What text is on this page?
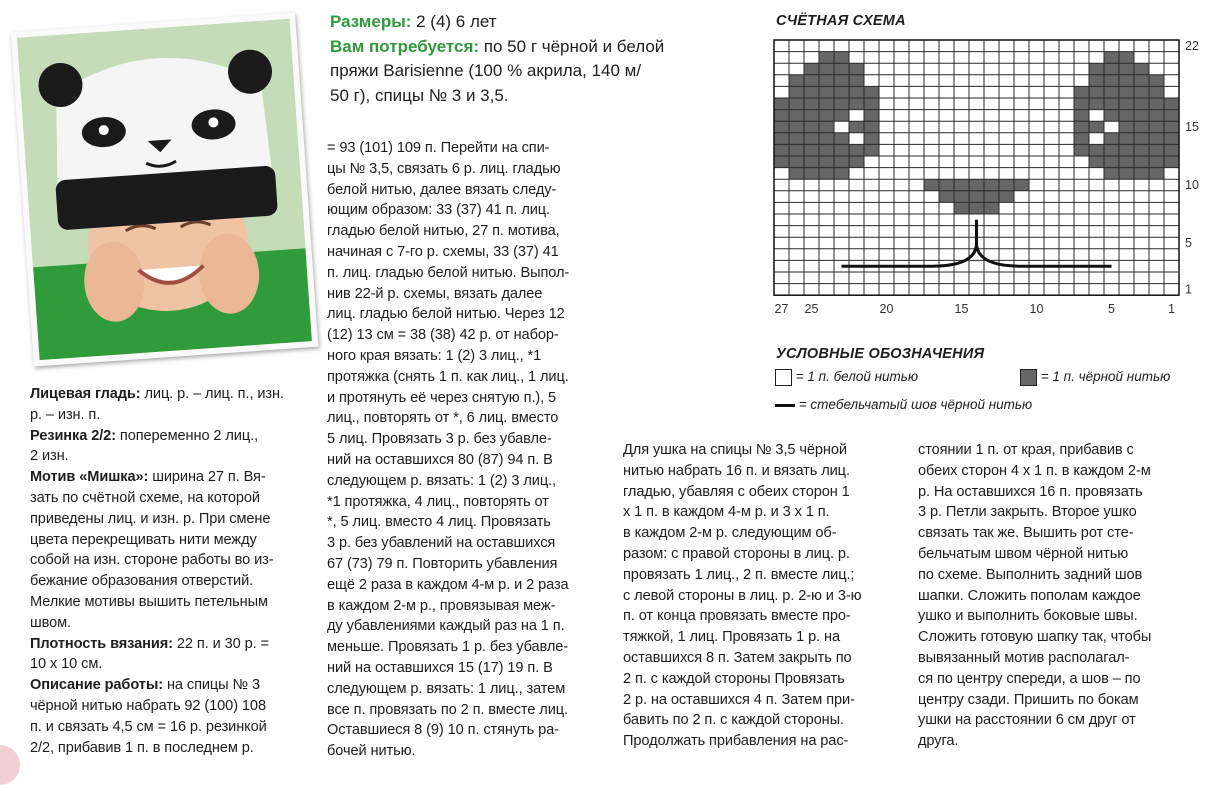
Размеры: 2 (4) 6 лет
Вам потребуется: по 50 г чёрной и белой
пряжи Barisienne (100 % акрила, 140 м/
50 г), спицы № 3 и 3,5.

Лицевая гладь: лиц. р. – лиц. п., изн.

р. – изн. п.

Резинка 2/2: попеременно 2 лиц.,

2 изн.

Мотив «Мишка»: ширина 27 п. Вя-

зать по счётной схеме, на которой

приведены лиц. и изн. р. При смене

цвета перекрещивать нити между

собой на изн. стороне работы во из-

бежание образования отверстий.

Мелкие мотивы вышить петельным

швом.

Плотность вязания: 22 п. и 30 р. =

10 x 10 см.

Описание работы: на спицы № 3

чёрной нитью набрать 92 (100) 108

п. и связать 4,5 см = 16 р. резинкой

2/2, прибавив 1 п. в последнем р.

= 93 (101) 109 п. Перейти на спи-

цы № 3,5, связать 6 р. лиц. гладью

белой нитью, далее вязать следу-

ющим образом: 33 (37) 41 п. лиц.

гладью белой нитью, 27 п. мотива,

начиная с 7-го р. схемы, 33 (37) 41

п. лиц. гладью белой нитью. Выпол-

нив 22-й р. схемы, вязать далее

лиц. гладью белой нитью. Через 12

(12) 13 см = 38 (38) 42 р. от набор-

ного края вязать: 1 (2) 3 лиц., *1

протяжка (снять 1 п. как лиц., 1 лиц.

и протянуть её через снятую п.), 5

лиц., повторять от *, 6 лиц. вместо

5 лиц. Провязать 3 р. без убавле-

ний на оставшихся 80 (87) 94 п. В

следующем р. вязать: 1 (2) 3 лиц.,

*1 протяжка, 4 лиц., повторять от

*, 5 лиц. вместо 4 лиц. Провязать

3 р. без убавлений на оставшихся

67 (73) 79 п. Повторить убавления

ещё 2 раза в каждом 4-м р. и 2 раза

в каждом 2-м р., провязывая меж-

ду убавлениями каждый раз на 1 п.

меньше. Провязать 1 р. без убавле-

ний на оставшихся 15 (17) 19 п. В

следующем р. вязать: 1 лиц., затем

все п. провязать по 2 п. вместе лиц.

Оставшиеся 8 (9) 10 п. стянуть ра-

бочей нитью.

Для ушка на спицы № 3,5 чёрной

нитью набрать 16 п. и вязать лиц.

гладью, убавляя с обеих сторон 1

x 1 п. в каждом 4-м р. и 3 x 1 п.

в каждом 2-м р. следующим об-

разом: с правой стороны в лиц. р.

провязать 1 лиц., 2 п. вместе лиц.;

с левой стороны в лиц. р. 2-ю и 3-ю

п. от конца провязать вместе про-

тяжкой, 1 лиц. Провязать 1 р. на

оставшихся 8 п. Затем закрыть по

2 п. с каждой стороны Провязать

2 р. на оставшихся 4 п. Затем при-

бавить по 2 п. с каждой стороны.

Продолжать прибавления на рас-

стоянии 1 п. от края, прибавив с

обеих сторон 4 x 1 п. в каждом 2-м

р. На оставшихся 16 п. провязать

3 р. Петли закрыть. Второе ушко

связать так же. Вышить рот сте-

бельчатым швом чёрной нитью

по схеме. Выполнить задний шов

шапки. Сложить пополам каждое

ушко и выполнить боковые швы.

Сложить готовую шапку так, чтобы

вывязанный мотив располагал-

ся по центру спереди, а шов – по

центру сзади. Пришить по бокам

ушки на расстоянии 6 см друг от

друга.

СЧЁТНАЯ СХЕМА
1
5
10
15
22
27 25	20	15	10	5	1
УСЛОВНЫЕ ОБОЗНАЧЕНИЯ
= 1 п. белой нитью	= 1 п. чёрной нитью
= стебельчатый шов чёрной нитью
